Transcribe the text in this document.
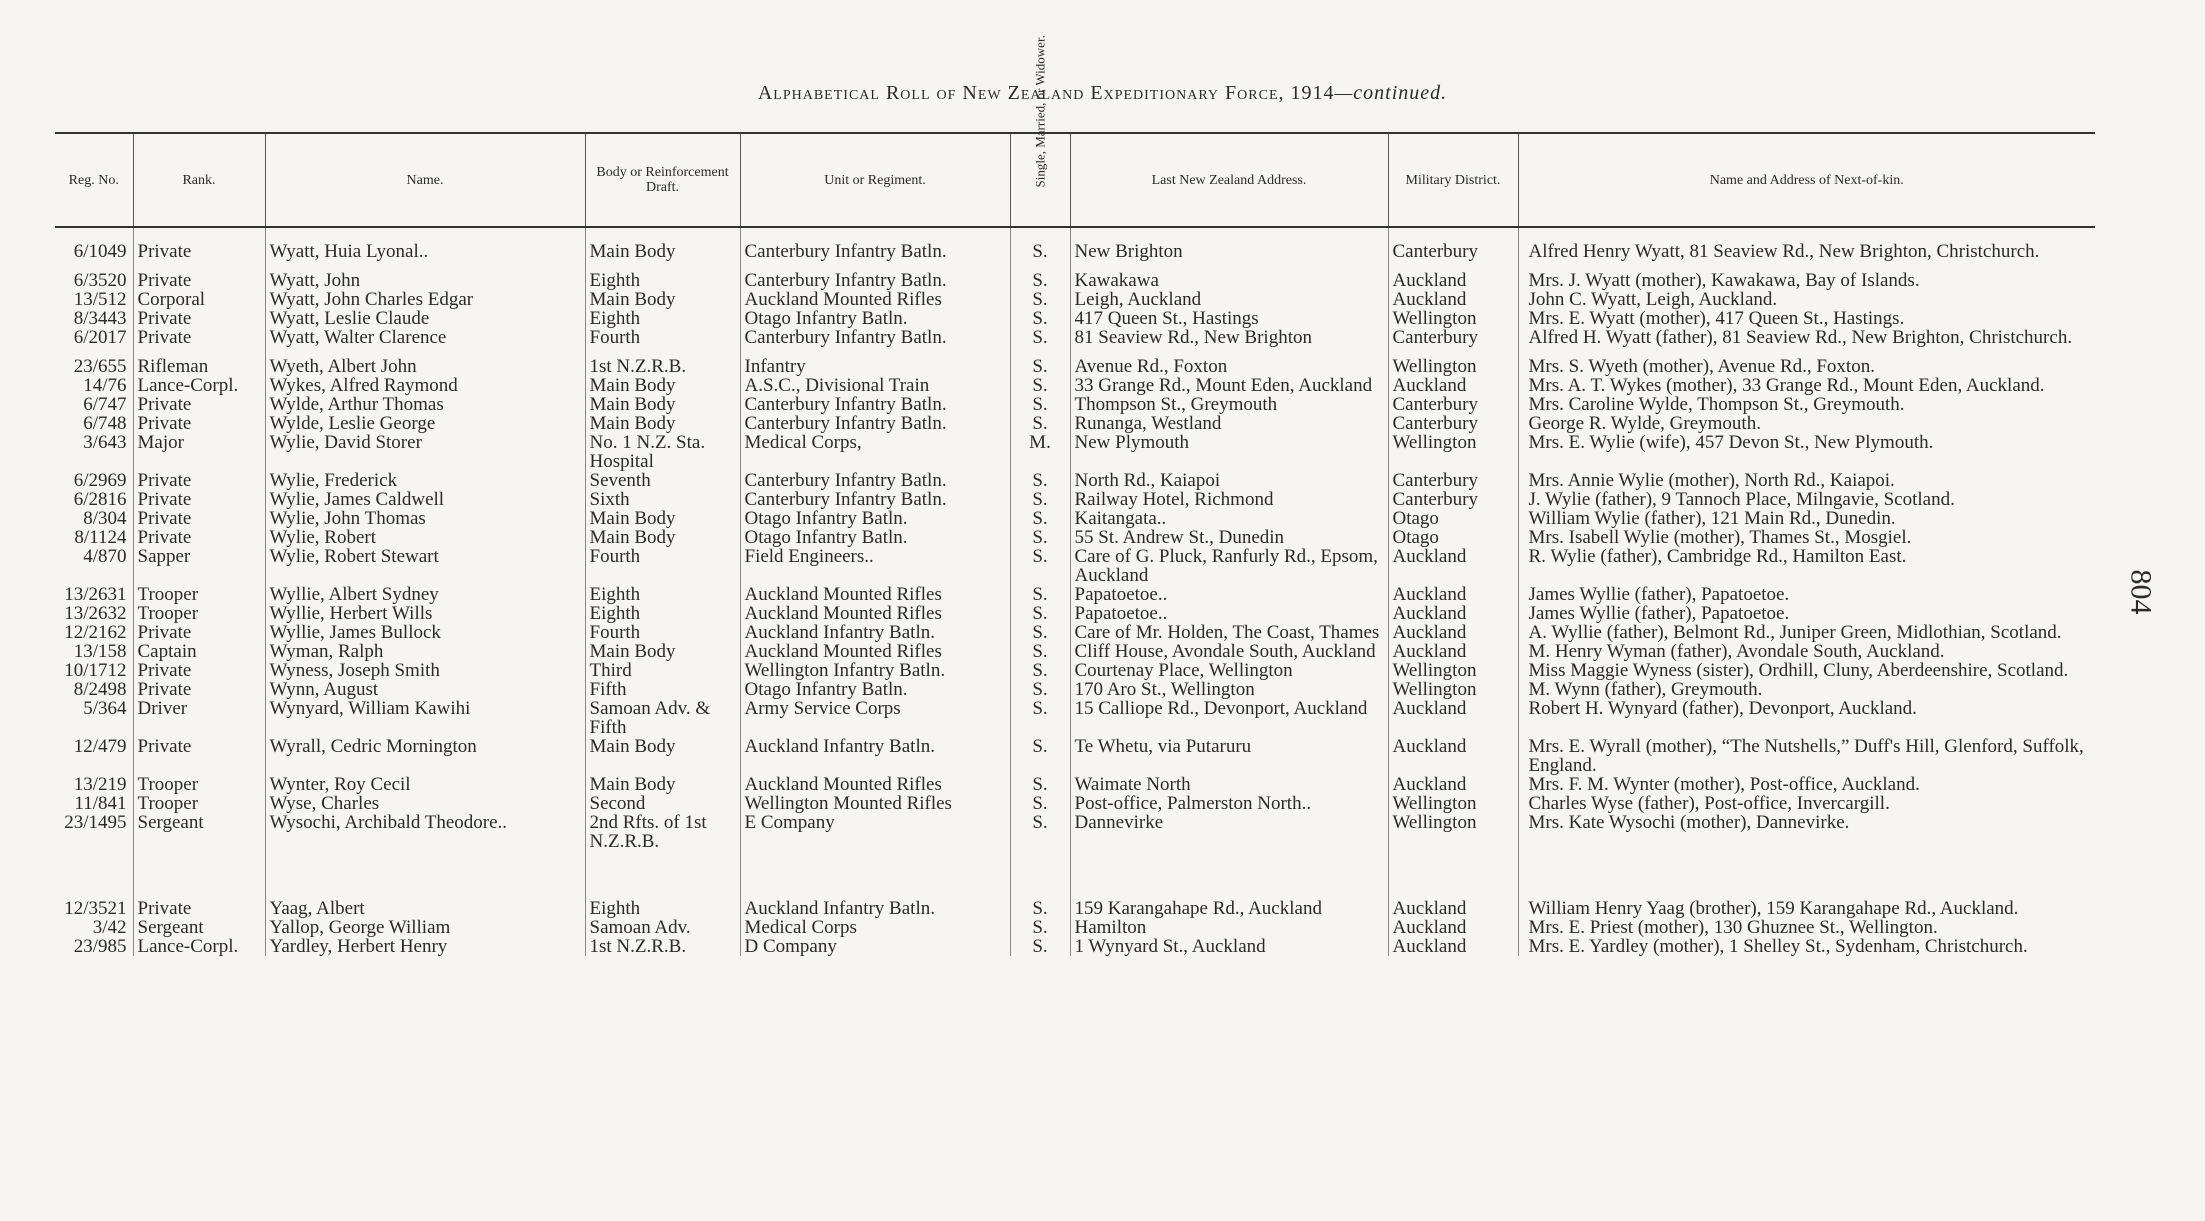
Alphabetical Roll of New Zealand Expeditionary Force, 1914—continued.
Reg. No.	Rank.	Name.	Body or Reinforcement Draft.	Unit or Regiment.	Single, Married, or Widower.	Last New Zealand Address.	Military District.	Name and Address of Next-of-kin.

6/1049	Private	Wyatt, Huia Lyonal..	Main Body	Canterbury Infantry Batln.	S.	New Brighton	Canterbury	Alfred Henry Wyatt, 81 Seaview Rd., New Brighton, Christchurch.
6/3520	Private	Wyatt, John	Eighth	Canterbury Infantry Batln.	S.	Kawakawa	Auckland	Mrs. J. Wyatt (mother), Kawakawa, Bay of Islands.
13/512	Corporal	Wyatt, John Charles Edgar	Main Body	Auckland Mounted Rifles	S.	Leigh, Auckland	Auckland	John C. Wyatt, Leigh, Auckland.
8/3443	Private	Wyatt, Leslie Claude	Eighth	Otago Infantry Batln.	S.	417 Queen St., Hastings	Wellington	Mrs. E. Wyatt (mother), 417 Queen St., Hastings.
6/2017	Private	Wyatt, Walter Clarence	Fourth	Canterbury Infantry Batln.	S.	81 Seaview Rd., New Brighton	Canterbury	Alfred H. Wyatt (father), 81 Seaview Rd., New Brighton, Christchurch.
23/655	Rifleman	Wyeth, Albert John	1st N.Z.R.B.	Infantry	S.	Avenue Rd., Foxton	Wellington	Mrs. S. Wyeth (mother), Avenue Rd., Foxton.
14/76	Lance-Corpl.	Wykes, Alfred Raymond	Main Body	A.S.C., Divisional Train	S.	33 Grange Rd., Mount Eden, Auckland	Auckland	Mrs. A. T. Wykes (mother), 33 Grange Rd., Mount Eden, Auckland.
6/747	Private	Wylde, Arthur Thomas	Main Body	Canterbury Infantry Batln.	S.	Thompson St., Greymouth	Canterbury	Mrs. Caroline Wylde, Thompson St., Greymouth.
6/748	Private	Wylde, Leslie George	Main Body	Canterbury Infantry Batln.	S.	Runanga, Westland	Canterbury	George R. Wylde, Greymouth.
3/643	Major	Wylie, David Storer	No. 1 N.Z. Sta. Hospital	Medical Corps,	M.	New Plymouth	Wellington	Mrs. E. Wylie (wife), 457 Devon St., New Plymouth.
6/2969	Private	Wylie, Frederick	Seventh	Canterbury Infantry Batln.	S.	North Rd., Kaiapoi	Canterbury	Mrs. Annie Wylie (mother), North Rd., Kaiapoi.
6/2816	Private	Wylie, James Caldwell	Sixth	Canterbury Infantry Batln.	S.	Railway Hotel, Richmond	Canterbury	J. Wylie (father), 9 Tannoch Place, Milngavie, Scotland.
8/304	Private	Wylie, John Thomas	Main Body	Otago Infantry Batln.	S.	Kaitangata..	Otago	William Wylie (father), 121 Main Rd., Dunedin.
8/1124	Private	Wylie, Robert	Main Body	Otago Infantry Batln.	S.	55 St. Andrew St., Dunedin	Otago	Mrs. Isabell Wylie (mother), Thames St., Mosgiel.
4/870	Sapper	Wylie, Robert Stewart	Fourth	Field Engineers..	S.	Care of G. Pluck, Ranfurly Rd., Epsom, Auckland	Auckland	R. Wylie (father), Cambridge Rd., Hamilton East.
13/2631	Trooper	Wyllie, Albert Sydney	Eighth	Auckland Mounted Rifles	S.	Papatoetoe..	Auckland	James Wyllie (father), Papatoetoe.
13/2632	Trooper	Wyllie, Herbert Wills	Eighth	Auckland Mounted Rifles	S.	Papatoetoe..	Auckland	James Wyllie (father), Papatoetoe.
12/2162	Private	Wyllie, James Bullock	Fourth	Auckland Infantry Batln.	S.	Care of Mr. Holden, The Coast, Thames	Auckland	A. Wyllie (father), Belmont Rd., Juniper Green, Midlothian, Scotland.
13/158	Captain	Wyman, Ralph	Main Body	Auckland Mounted Rifles	S.	Cliff House, Avondale South, Auckland	Auckland	M. Henry Wyman (father), Avondale South, Auckland.
10/1712	Private	Wyness, Joseph Smith	Third	Wellington Infantry Batln.	S.	Courtenay Place, Wellington	Wellington	Miss Maggie Wyness (sister), Ordhill, Cluny, Aberdeenshire, Scotland.
8/2498	Private	Wynn, August	Fifth	Otago Infantry Batln.	S.	170 Aro St., Wellington	Wellington	M. Wynn (father), Greymouth.
5/364	Driver	Wynyard, William Kawihi	Samoan Adv. & Fifth	Army Service Corps	S.	15 Calliope Rd., Devonport, Auckland	Auckland	Robert H. Wynyard (father), Devonport, Auckland.
12/479	Private	Wyrall, Cedric Mornington	Main Body	Auckland Infantry Batln.	S.	Te Whetu, via Putaruru	Auckland	Mrs. E. Wyrall (mother), “The Nutshells,” Duff's Hill, Glenford, Suffolk, England.
13/219	Trooper	Wynter, Roy Cecil	Main Body	Auckland Mounted Rifles	S.	Waimate North	Auckland	Mrs. F. M. Wynter (mother), Post-office, Auckland.
11/841	Trooper	Wyse, Charles	Second	Wellington Mounted Rifles	S.	Post-office, Palmerston North..	Wellington	Charles Wyse (father), Post-office, Invercargill.
23/1495	Sergeant	Wysochi, Archibald Theodore..	2nd Rfts. of 1st N.Z.R.B.	E Company	S.	Dannevirke	Wellington	Mrs. Kate Wysochi (mother), Dannevirke.
12/3521	Private	Yaag, Albert	Eighth	Auckland Infantry Batln.	S.	159 Karangahape Rd., Auckland	Auckland	William Henry Yaag (brother), 159 Karangahape Rd., Auckland.
3/42	Sergeant	Yallop, George William	Samoan Adv.	Medical Corps	S.	Hamilton	Auckland	Mrs. E. Priest (mother), 130 Ghuznee St., Wellington.
23/985	Lance-Corpl.	Yardley, Herbert Henry	1st N.Z.R.B.	D Company	S.	1 Wynyard St., Auckland	Auckland	Mrs. E. Yardley (mother), 1 Shelley St., Sydenham, Christchurch.
804
